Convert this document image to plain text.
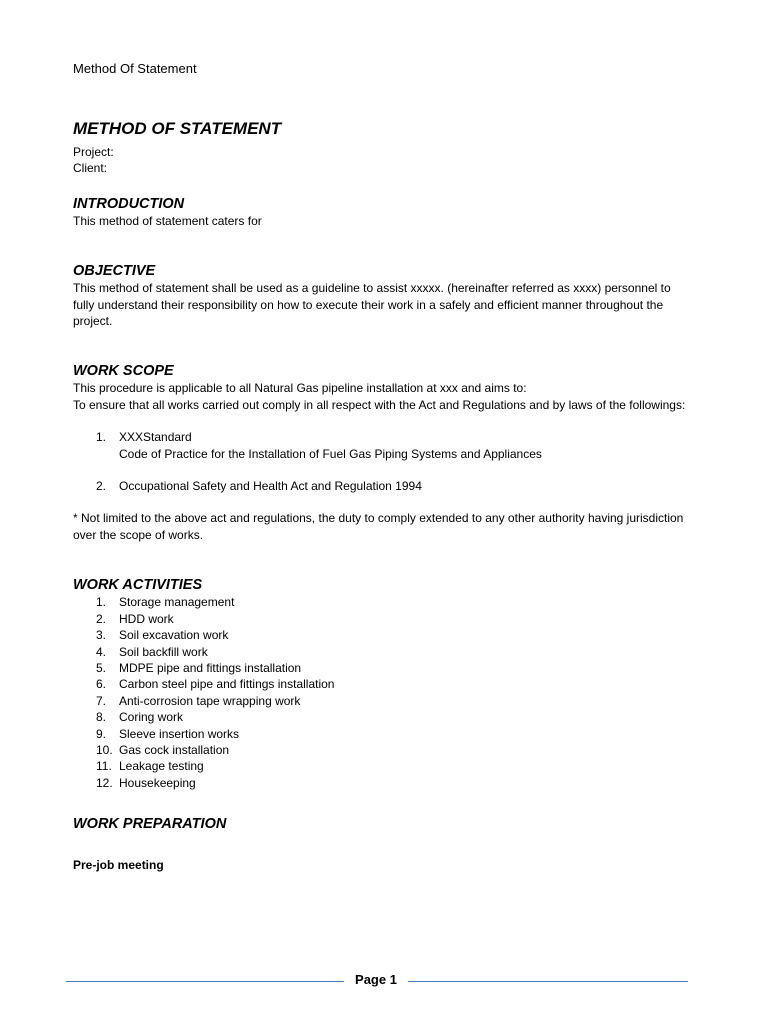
Method Of Statement
METHOD OF STATEMENT

Project:

Client:

INTRODUCTION

This method of statement caters for

OBJECTIVE

This method of statement shall be used as a guideline to assist xxxxx. (hereinafter referred as xxxx) personnel to fully understand their responsibility on how to execute their work in a safely and efficient manner throughout the project.

WORK SCOPE

This procedure is applicable to all Natural Gas pipeline installation at xxx and aims to:

To ensure that all works carried out comply in all respect with the Act and Regulations and by laws of the followings:

1. XXXStandard
Code of Practice for the Installation of Fuel Gas Piping Systems and Appliances
2. Occupational Safety and Health Act and Regulation 1994

* Not limited to the above act and regulations, the duty to comply extended to any other authority having jurisdiction over the scope of works.

WORK ACTIVITIES
1. Storage management
2. HDD work
3. Soil excavation work
4. Soil backfill work
5. MDPE pipe and fittings installation
6. Carbon steel pipe and fittings installation
7. Anti-corrosion tape wrapping work
8. Coring work
9. Sleeve insertion works
10. Gas cock installation
11. Leakage testing
12. Housekeeping
WORK PREPARATION

Pre-job meeting

Page 1
